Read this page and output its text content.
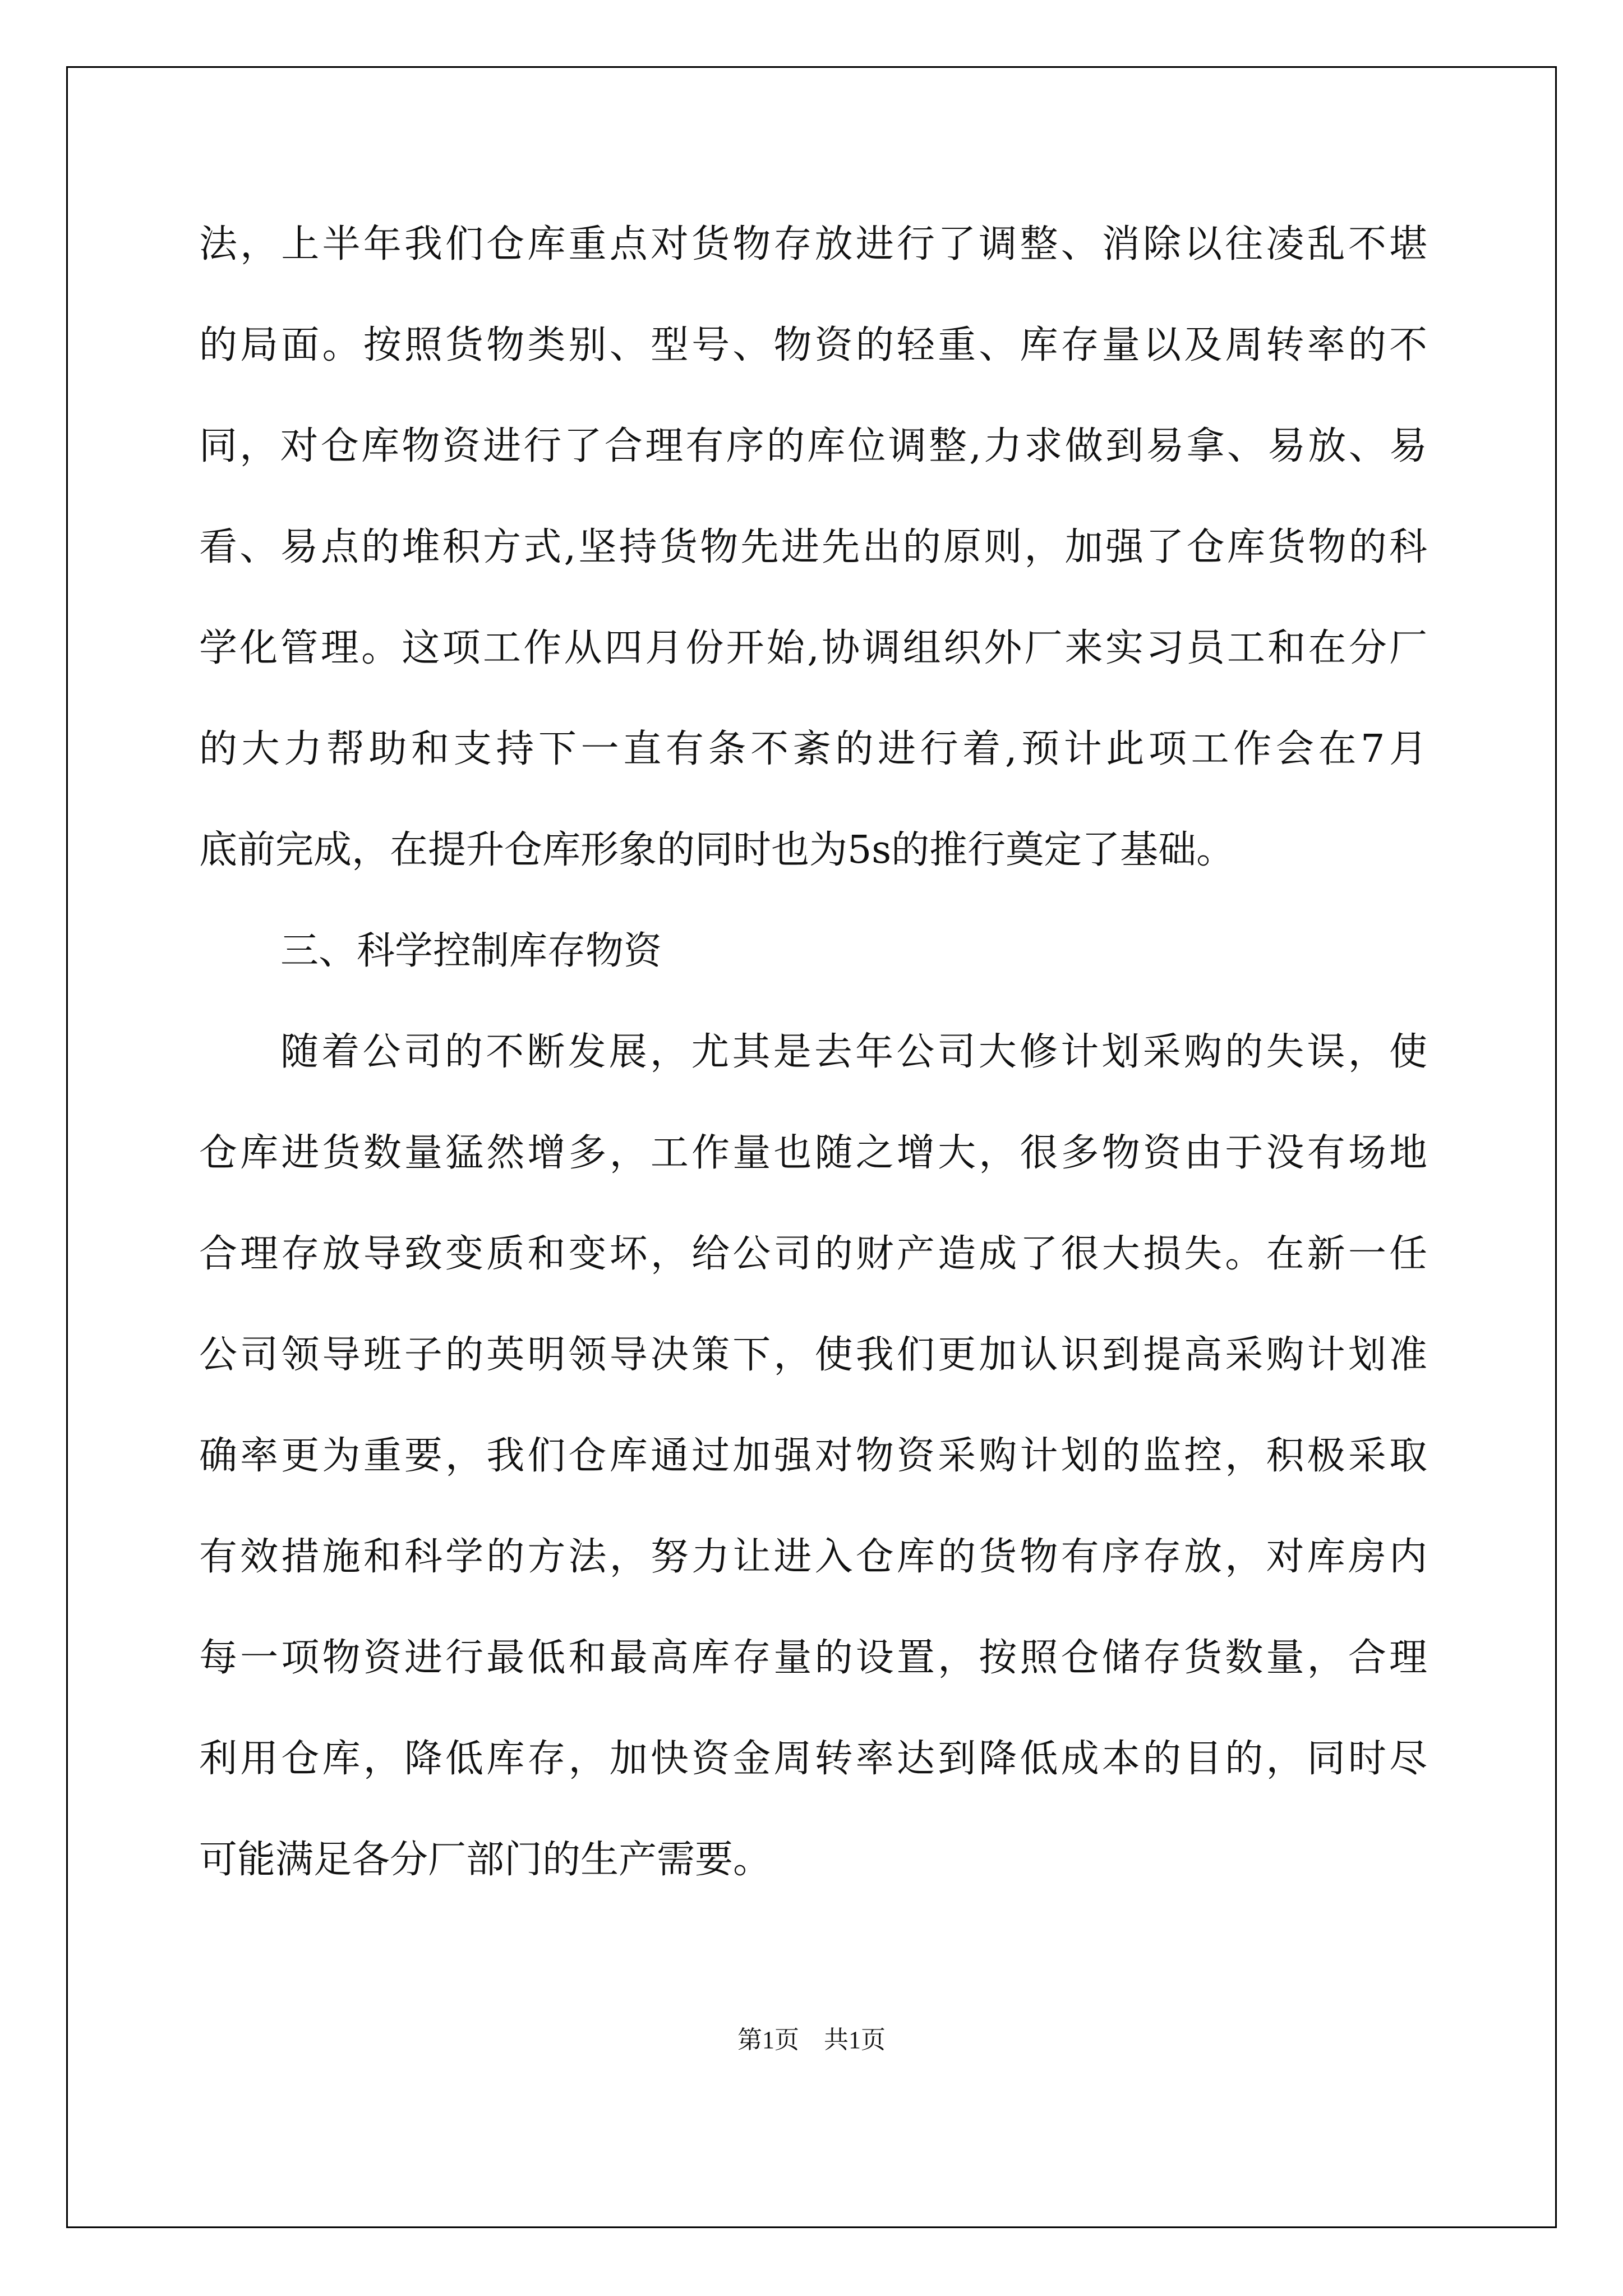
法，上半年我们仓库重点对货物存放进行了调整、消除以往凌乱不堪

的局面。按照货物类别、型号、物资的轻重、库存量以及周转率的不

同，对仓库物资进行了合理有序的库位调整,力求做到易拿、易放、易

看、易点的堆积方式,坚持货物先进先出的原则，加强了仓库货物的科

学化管理。这项工作从四月份开始,协调组织外厂来实习员工和在分厂

的大力帮助和支持下一直有条不紊的进行着,预计此项工作会在7月

底前完成，在提升仓库形象的同时也为5s的推行奠定了基础。

三、科学控制库存物资

随着公司的不断发展，尤其是去年公司大修计划采购的失误，使

仓库进货数量猛然增多，工作量也随之增大，很多物资由于没有场地

合理存放导致变质和变坏，给公司的财产造成了很大损失。在新一任

公司领导班子的英明领导决策下，使我们更加认识到提高采购计划准

确率更为重要，我们仓库通过加强对物资采购计划的监控，积极采取

有效措施和科学的方法，努力让进入仓库的货物有序存放，对库房内

每一项物资进行最低和最高库存量的设置，按照仓储存货数量，合理

利用仓库，降低库存，加快资金周转率达到降低成本的目的，同时尽

可能满足各分厂部门的生产需要。

第1页　共1页
